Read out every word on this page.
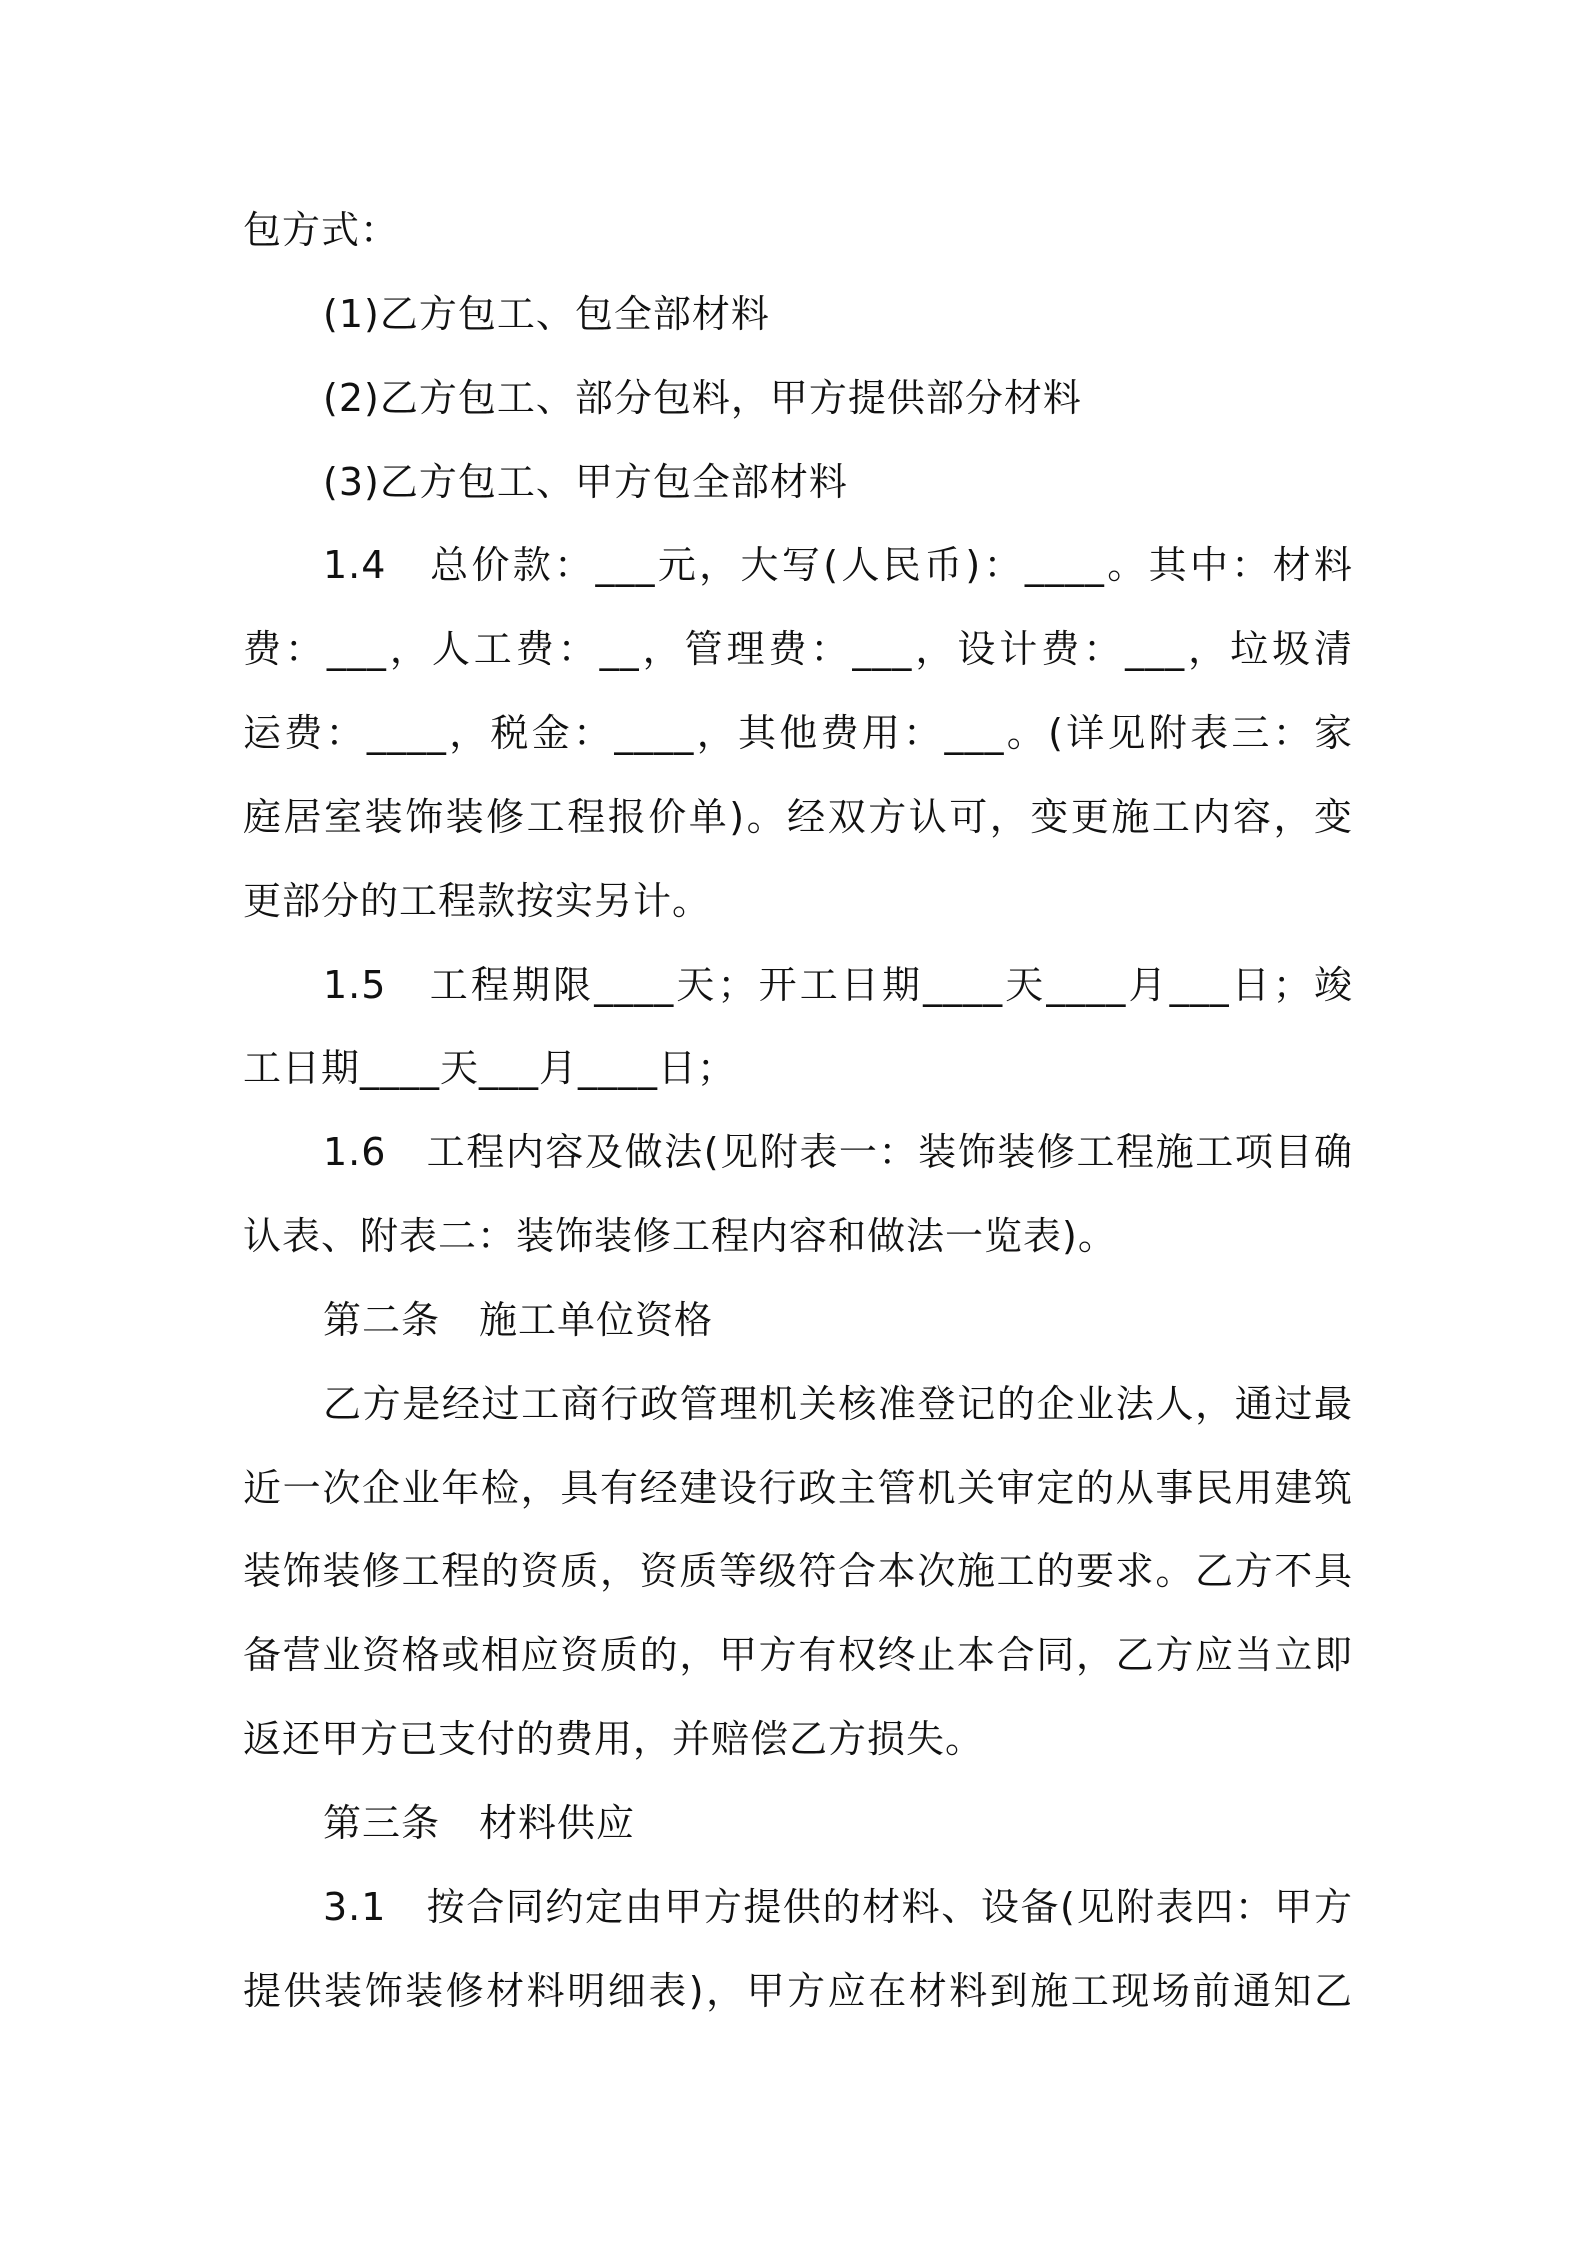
包方式：
(1)乙方包工、包全部材料
(2)乙方包工、部分包料，甲方提供部分材料
(3)乙方包工、甲方包全部材料
1.4　总价款：___元，大写(人民币)：____。其中：材料
费：___，人工费：__，管理费：___，设计费：___，垃圾清
运费：____，税金：____，其他费用：___。(详见附表三：家
庭居室装饰装修工程报价单)。经双方认可，变更施工内容，变
更部分的工程款按实另计。
1.5　工程期限____天；开工日期____天____月___日；竣
工日期____天___月____日；
1.6　工程内容及做法(见附表一：装饰装修工程施工项目确
认表、附表二：装饰装修工程内容和做法一览表)。
第二条　施工单位资格
乙方是经过工商行政管理机关核准登记的企业法人，通过最
近一次企业年检，具有经建设行政主管机关审定的从事民用建筑
装饰装修工程的资质，资质等级符合本次施工的要求。乙方不具
备营业资格或相应资质的，甲方有权终止本合同，乙方应当立即
返还甲方已支付的费用，并赔偿乙方损失。
第三条　材料供应
3.1　按合同约定由甲方提供的材料、设备(见附表四：甲方
提供装饰装修材料明细表)，甲方应在材料到施工现场前通知乙
